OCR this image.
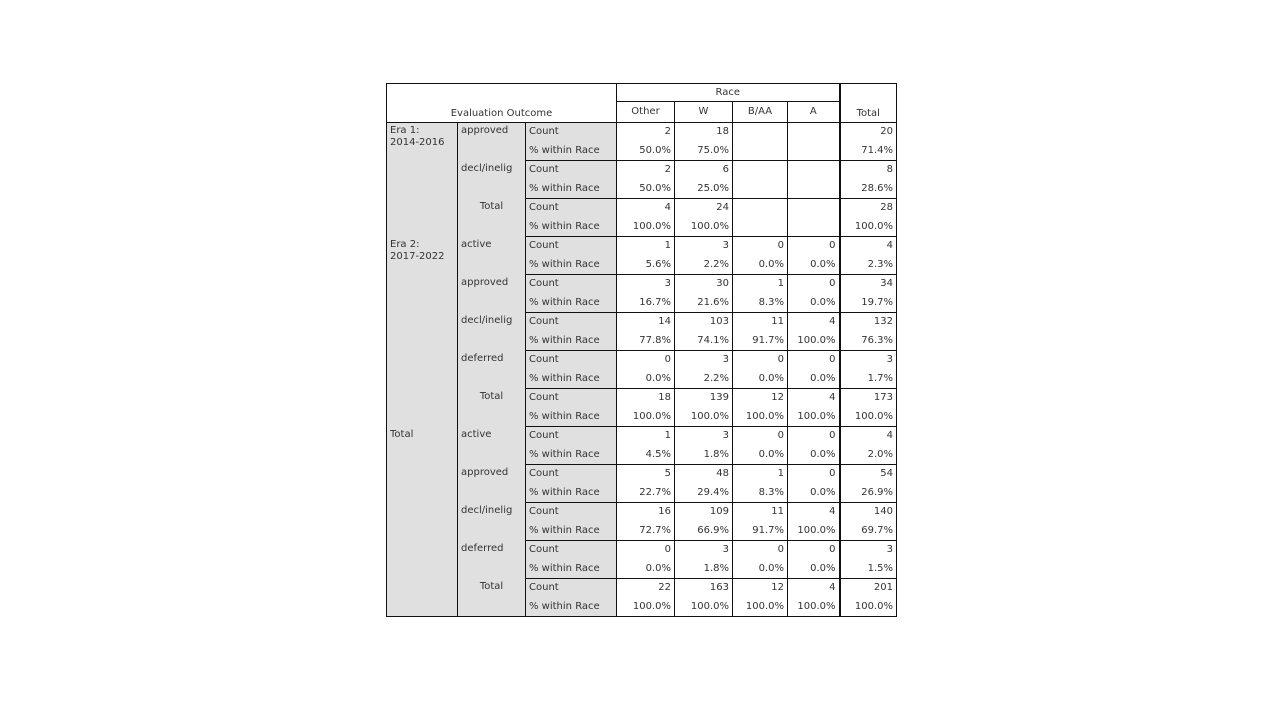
Evaluation Outcome			Race				Total
			Other	W	B/AA	A	
Era 1:
2014-2016	approved	Count	2	18			20
		% within Race	50.0%	75.0%			71.4%
	decl/inelig	Count	2	6			8
		% within Race	50.0%	25.0%			28.6%
	Total	Count	4	24			28
		% within Race	100.0%	100.0%			100.0%
Era 2:
2017-2022	active	Count	1	3	0	0	4
		% within Race	5.6%	2.2%	0.0%	0.0%	2.3%
	approved	Count	3	30	1	0	34
		% within Race	16.7%	21.6%	8.3%	0.0%	19.7%
	decl/inelig	Count	14	103	11	4	132
		% within Race	77.8%	74.1%	91.7%	100.0%	76.3%
	deferred	Count	0	3	0	0	3
		% within Race	0.0%	2.2%	0.0%	0.0%	1.7%
	Total	Count	18	139	12	4	173
		% within Race	100.0%	100.0%	100.0%	100.0%	100.0%
Total	active	Count	1	3	0	0	4
		% within Race	4.5%	1.8%	0.0%	0.0%	2.0%
	approved	Count	5	48	1	0	54
		% within Race	22.7%	29.4%	8.3%	0.0%	26.9%
	decl/inelig	Count	16	109	11	4	140
		% within Race	72.7%	66.9%	91.7%	100.0%	69.7%
	deferred	Count	0	3	0	0	3
		% within Race	0.0%	1.8%	0.0%	0.0%	1.5%
	Total	Count	22	163	12	4	201
		% within Race	100.0%	100.0%	100.0%	100.0%	100.0%
